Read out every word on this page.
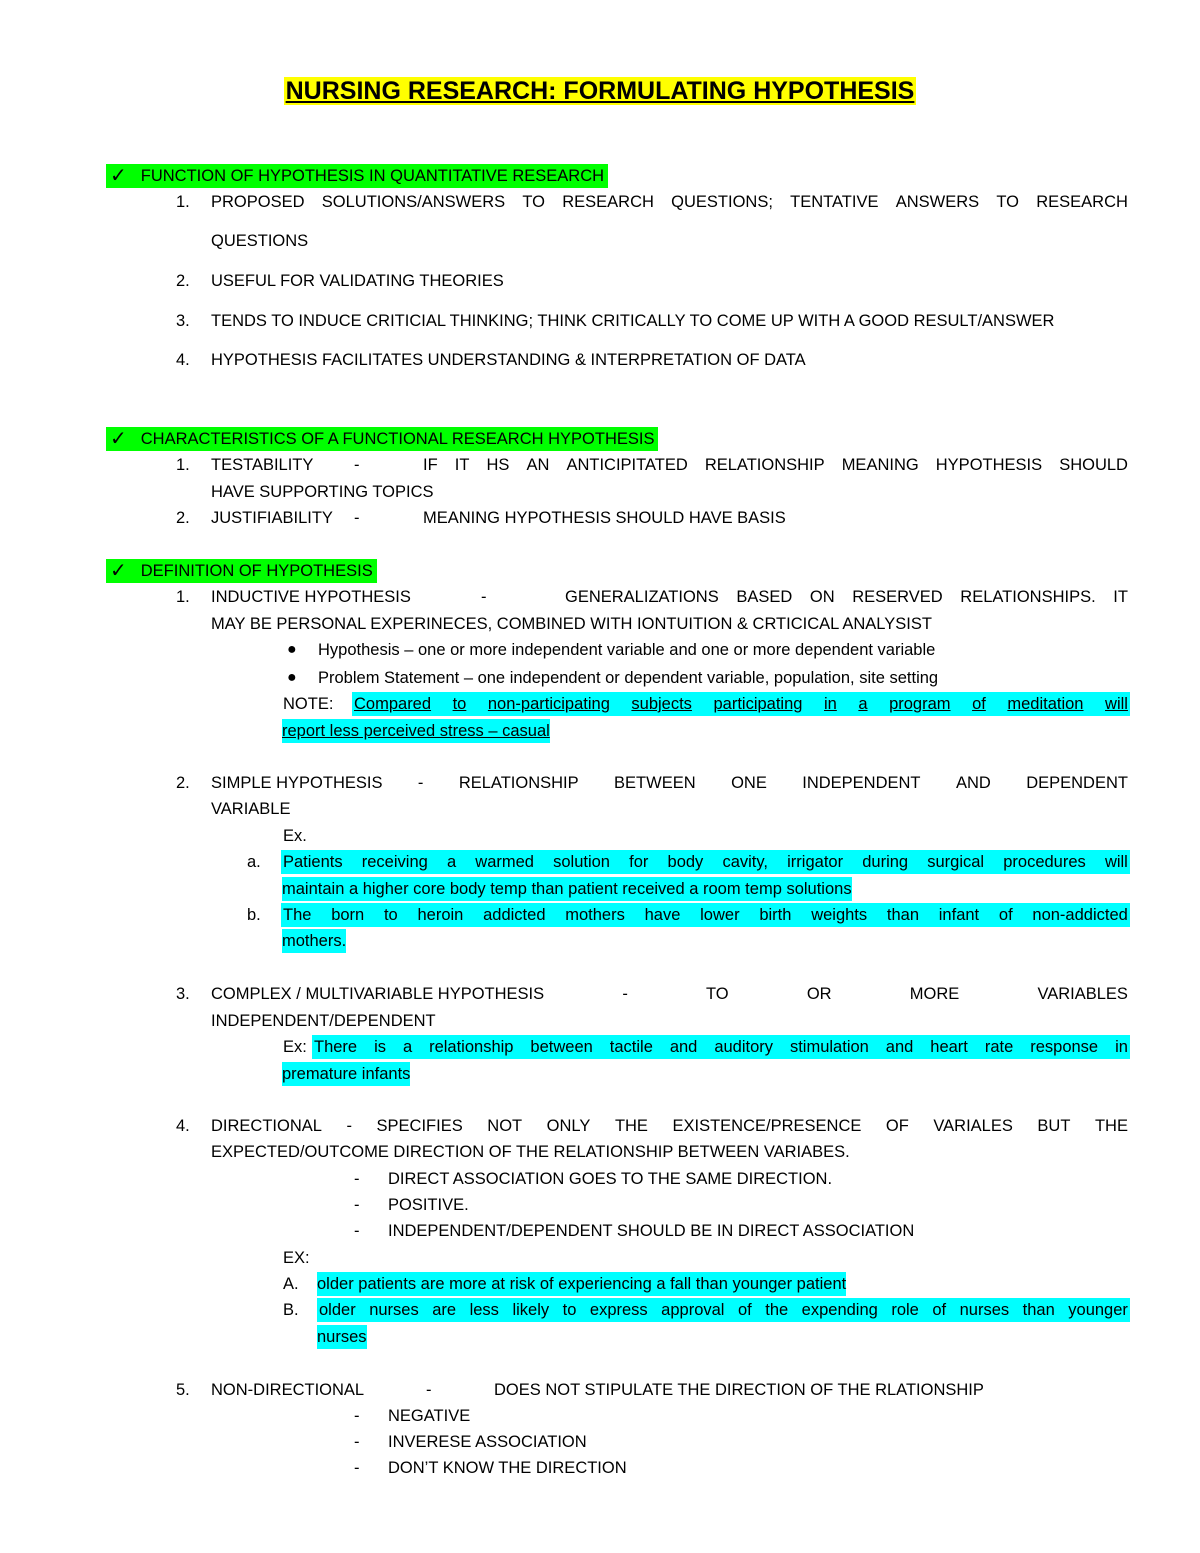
NURSING RESEARCH: FORMULATING HYPOTHESIS
✓ FUNCTION OF HYPOTHESIS IN QUANTITATIVE RESEARCH
1. PROPOSED SOLUTIONS/ANSWERS TO RESEARCH QUESTIONS; TENTATIVE ANSWERS TO RESEARCH
QUESTIONS
2. USEFUL FOR VALIDATING THEORIES
3. TENDS TO INDUCE CRITICIAL THINKING; THINK CRITICALLY TO COME UP WITH A GOOD RESULT/ANSWER
4. HYPOTHESIS FACILITATES UNDERSTANDING & INTERPRETATION OF DATA
✓ CHARACTERISTICS OF A FUNCTIONAL RESEARCH HYPOTHESIS
1. TESTABILITY -	IF IT HS AN ANTICIPITATED RELATIONSHIP MEANING HYPOTHESIS SHOULD
HAVE SUPPORTING TOPICS
2. JUSTIFIABILITY -	MEANING HYPOTHESIS SHOULD HAVE BASIS
✓ DEFINITION OF HYPOTHESIS
1. INDUCTIVE HYPOTHESIS	-	GENERALIZATIONS BASED ON RESERVED RELATIONSHIPS. IT
MAY BE PERSONAL EXPERINECES, COMBINED WITH IONTUITION & CRTICICAL ANALYSIST
● Hypothesis – one or more independent variable and one or more dependent variable
● Problem Statement – one independent or dependent variable, population, site setting
NOTE: Compared to non-participating subjects participating in a program of meditation will
report less perceived stress – casual
2. SIMPLE HYPOTHESIS - RELATIONSHIP BETWEEN ONE INDEPENDENT AND DEPENDENT
VARIABLE
Ex.
a. Patients receiving a warmed solution for body cavity, irrigator during surgical procedures will
maintain a higher core body temp than patient received a room temp solutions
b. The born to heroin addicted mothers have lower birth weights than infant of non-addicted
mothers.
3. COMPLEX / MULTIVARIABLE HYPOTHESIS	-	TO	OR	MORE	VARIABLES
INDEPENDENT/DEPENDENT
Ex: There is a relationship between tactile and auditory stimulation and heart rate response in
premature infants
4. DIRECTIONAL - SPECIFIES NOT ONLY THE EXISTENCE/PRESENCE OF VARIALES BUT THE
EXPECTED/OUTCOME DIRECTION OF THE RELATIONSHIP BETWEEN VARIABES.
- DIRECT ASSOCIATION GOES TO THE SAME DIRECTION.
- POSITIVE.
- INDEPENDENT/DEPENDENT SHOULD BE IN DIRECT ASSOCIATION
EX:
A. older patients are more at risk of experiencing a fall than younger patient
B. older nurses are less likely to express approval of the expending role of nurses than younger
nurses
5. NON-DIRECTIONAL	-	DOES NOT STIPULATE THE DIRECTION OF THE RLATIONSHIP
- NEGATIVE
- INVERESE ASSOCIATION
- DON’T KNOW THE DIRECTION
